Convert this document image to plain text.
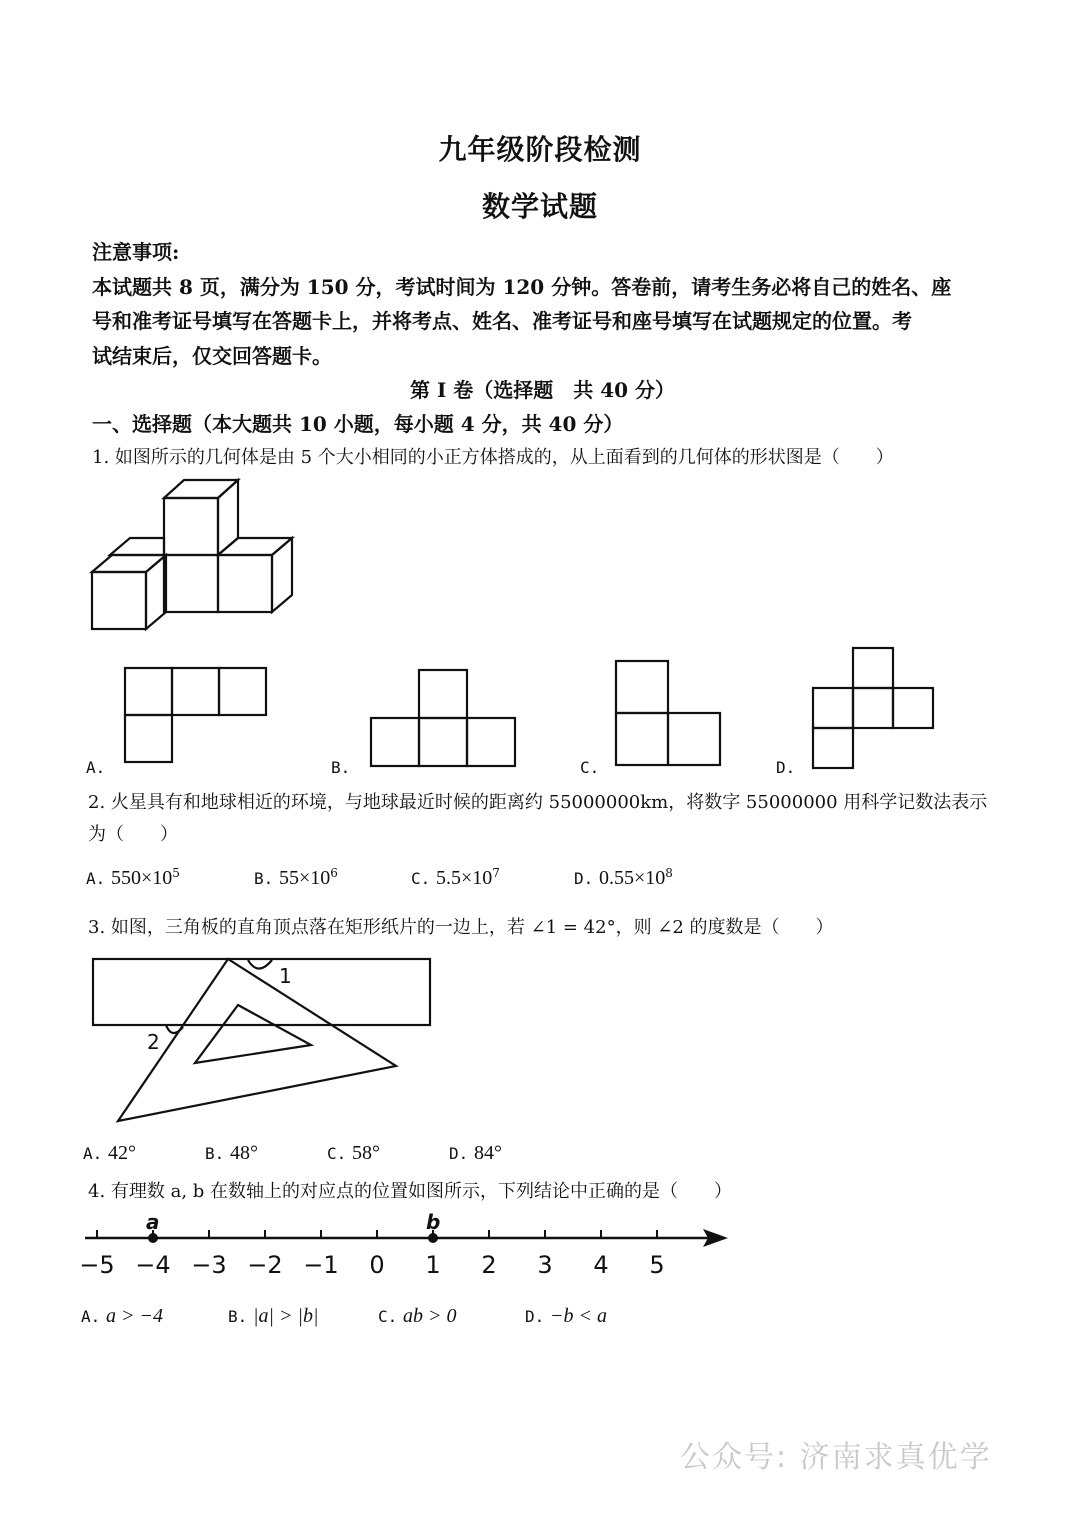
九年级阶段检测
数学试题
注意事项:
本试题共 8 页，满分为 150 分，考试时间为 120 分钟。答卷前，请考生务必将自己的姓名、座
号和准考证号填写在答题卡上，并将考点、姓名、准考证号和座号填写在试题规定的位置。考
试结束后，仅交回答题卡。
第 I 卷（选择题　共 40 分）
一、选择题（本大题共 10 小题，每小题 4 分，共 40 分）
1. 如图所示的几何体是由 5 个大小相同的小正方体搭成的，从上面看到的几何体的形状图是（　　）
A.	B.	C.	D.
2. 火星具有和地球相近的环境，与地球最近时候的距离约 55000000km，将数字 55000000 用科学记数法表示
为（　　）
A. $550\times 10^5$	B. $55\times 10^6$	C. $5.5\times 10^7$	D. $0.55\times 10^8$
3. 如图，三角板的直角顶点落在矩形纸片的一边上，若 ∠1 = 42°，则 ∠2 的度数是（　　）
1
2
A. 42°	B. 48°	C. 58°	D. 84°
4. 有理数 a, b 在数轴上的对应点的位置如图所示，下列结论中正确的是（　　）
−5 −4 −3 −2 −1 0 1 2 3 4 5
a	b
A. a > −4	B. |a| > |b|	C. ab > 0	D. −b < a
公众号: 济南求真优学
